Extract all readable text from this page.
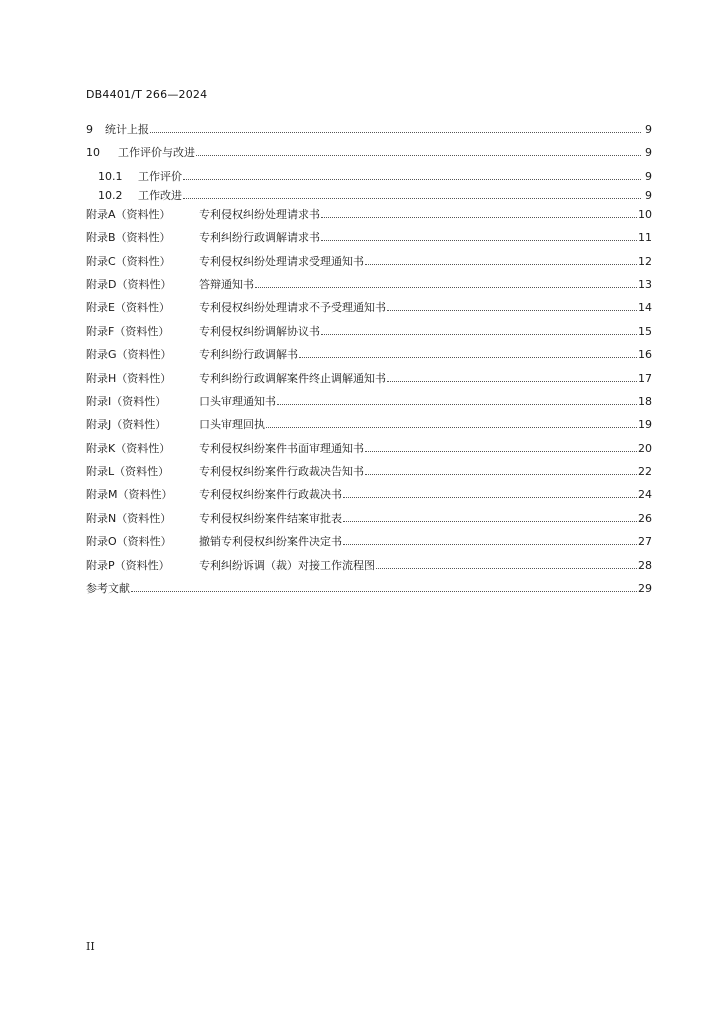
DB4401/T 266—2024
9	统计上报	9
10	工作评价与改进	9
10.1	工作评价	9
10.2	工作改进	9
附录A（资料性）	专利侵权纠纷处理请求书	10
附录B（资料性）	专利纠纷行政调解请求书	11
附录C（资料性）	专利侵权纠纷处理请求受理通知书	12
附录D（资料性）	答辩通知书	13
附录E（资料性）	专利侵权纠纷处理请求不予受理通知书	14
附录F（资料性）	专利侵权纠纷调解协议书	15
附录G（资料性）	专利纠纷行政调解书	16
附录H（资料性）	专利纠纷行政调解案件终止调解通知书	17
附录I（资料性）	口头审理通知书	18
附录J（资料性）	口头审理回执	19
附录K（资料性）	专利侵权纠纷案件书面审理通知书	20
附录L（资料性）	专利侵权纠纷案件行政裁决告知书	22
附录M（资料性）	专利侵权纠纷案件行政裁决书	24
附录N（资料性）	专利侵权纠纷案件结案审批表	26
附录O（资料性）	撤销专利侵权纠纷案件决定书	27
附录P（资料性）	专利纠纷诉调（裁）对接工作流程图	28
参考文献	29
II
